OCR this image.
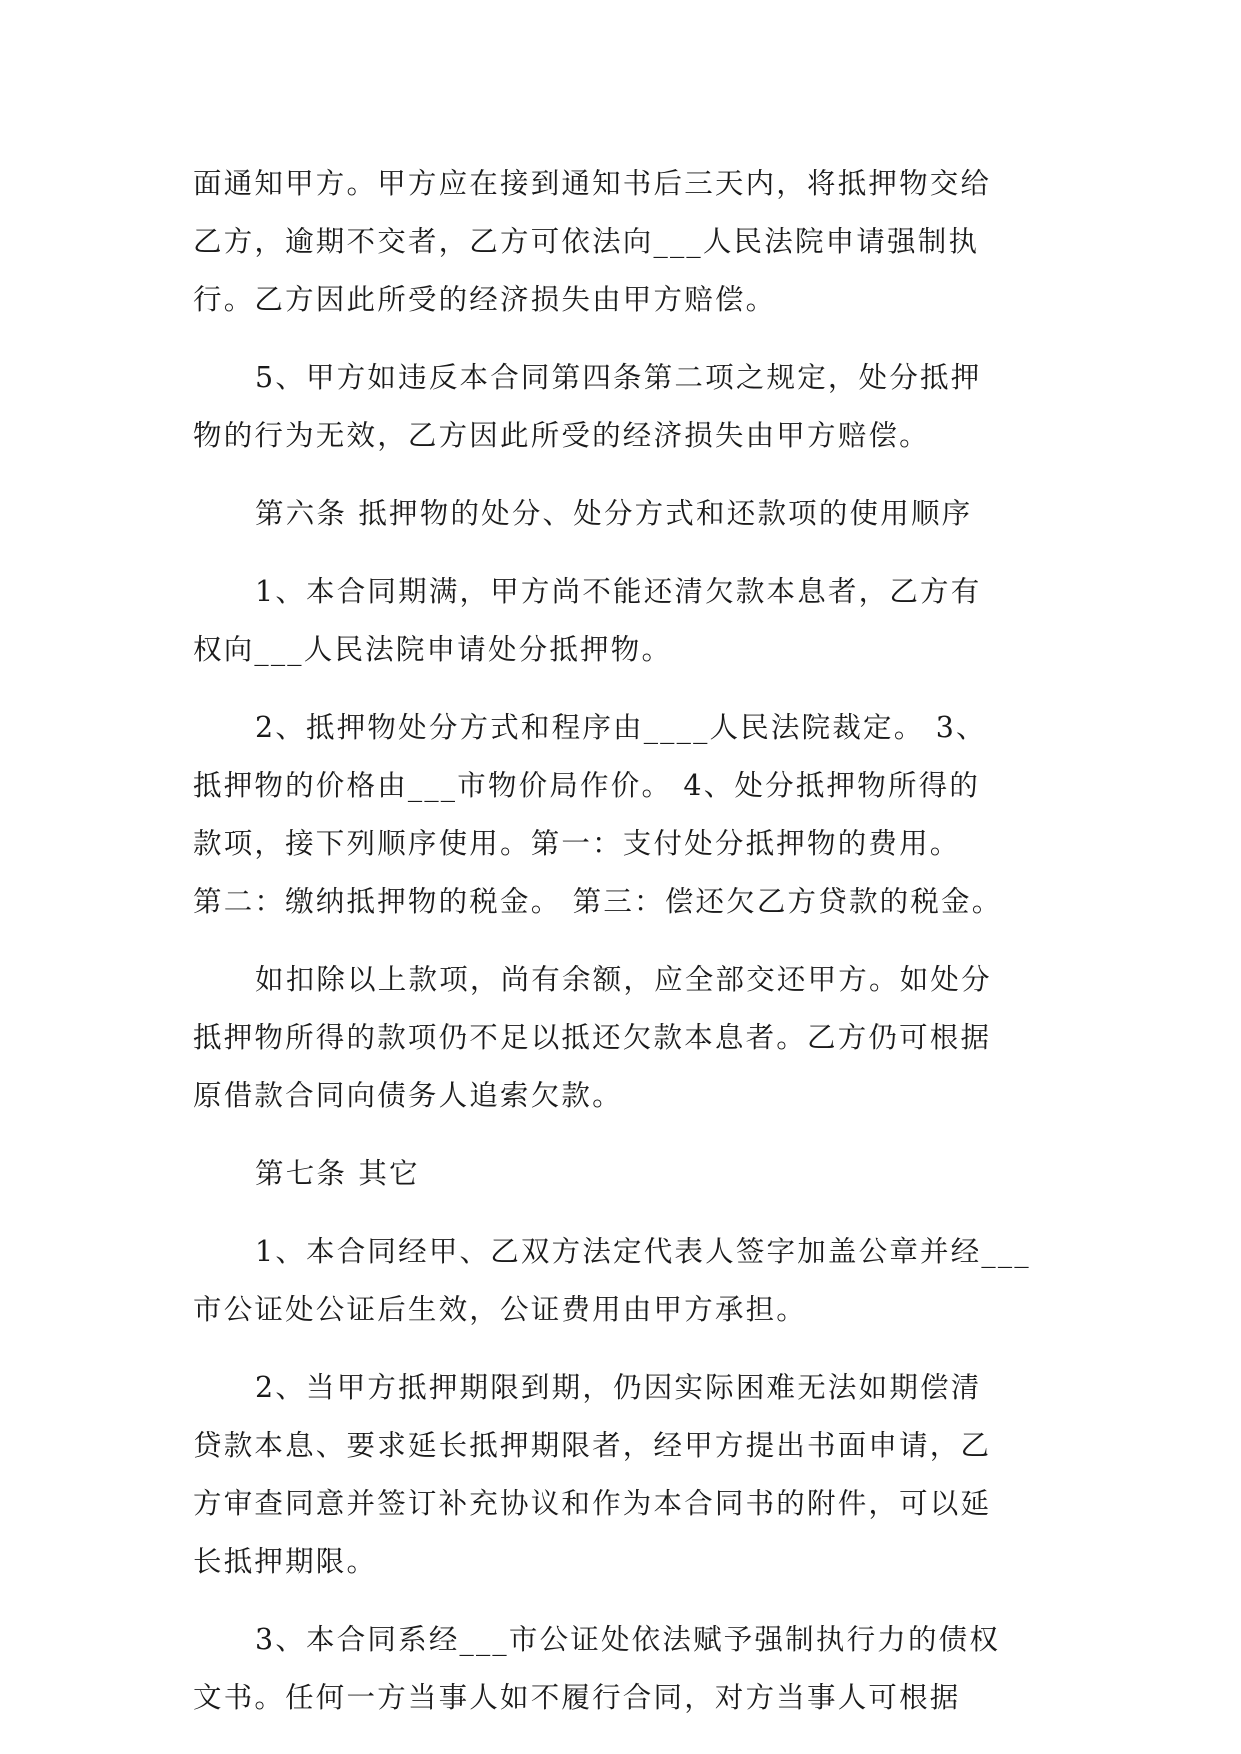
面通知甲方。甲方应在接到通知书后三天内，将抵押物交给
乙方，逾期不交者，乙方可依法向___人民法院申请强制执
行。乙方因此所受的经济损失由甲方赔偿。
5、甲方如违反本合同第四条第二项之规定，处分抵押
物的行为无效，乙方因此所受的经济损失由甲方赔偿。
第六条 抵押物的处分、处分方式和还款项的使用顺序
1、本合同期满，甲方尚不能还清欠款本息者，乙方有
权向___人民法院申请处分抵押物。
2、抵押物处分方式和程序由____人民法院裁定。 3、
抵押物的价格由___市物价局作价。 4、处分抵押物所得的
款项，接下列顺序使用。第一：支付处分抵押物的费用。
第二：缴纳抵押物的税金。 第三：偿还欠乙方贷款的税金。
如扣除以上款项，尚有余额，应全部交还甲方。如处分
抵押物所得的款项仍不足以抵还欠款本息者。乙方仍可根据
原借款合同向债务人追索欠款。
第七条 其它
1、本合同经甲、乙双方法定代表人签字加盖公章并经___
市公证处公证后生效，公证费用由甲方承担。
2、当甲方抵押期限到期，仍因实际困难无法如期偿清
贷款本息、要求延长抵押期限者，经甲方提出书面申请，乙
方审查同意并签订补充协议和作为本合同书的附件，可以延
长抵押期限。
3、本合同系经___市公证处依法赋予强制执行力的债权
文书。任何一方当事人如不履行合同，对方当事人可根据
